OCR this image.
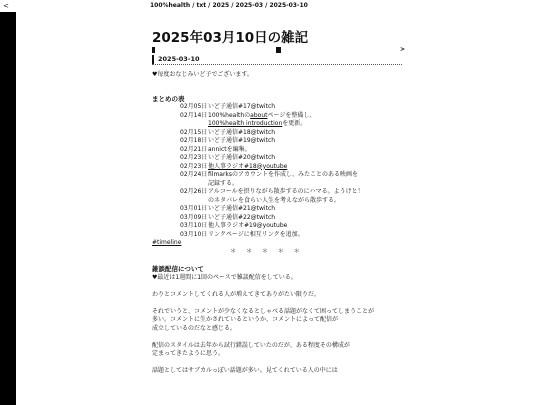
<	100%health / txt / 2025 / 2025-03 / 2025-03-10
2025年03月10日の雑記
>
2025-03-10

♥毎度おなじみいど子でございます。

まとめの表

02月05日 いど子通信#17@twitch
02月14日 100%healthのaboutページを整備し、
100%health introductionを更新。
02月15日 いど子通信#18@twitch
02月18日 いど子通信#19@twitch
02月21日 annictを編集。
02月23日 いど子通信#20@twitch
02月23日 他人事ラジオ#18@youtube
02月24日 filmarksのアカウントを作成し、みたことのある映画を
記録する。
02月26日 アルコールを摂りながら散歩するのにハマる。ようけと！
のネタバレを食らい人生を考えながら散歩する。
03月01日 いど子通信#21@twitch
03月09日 いど子通信#22@twitch
03月10日 他人事ラジオ#19@youtube
03月10日 リンクページに相互リンクを追加。

#timeline

＊ ＊ ＊ ＊ ＊

雑談配信について

♥最近は1週間に1回のペースで雑談配信をしている。

わりとコメントしてくれる人が増えてきてありがたい限りだ。

それでいうと、コメントが少なくなるとしゃべる話題がなくて困ってしまうことが
多い。コメントに生かされているというか、コメントによって配信が
成立しているのだなと感じる。

配信のスタイルは去年から試行錯誤していたのだが、ある程度その構成が
定まってきたように思う。

話題としてはサブカルっぽい話題が多い。見てくれている人の中には
